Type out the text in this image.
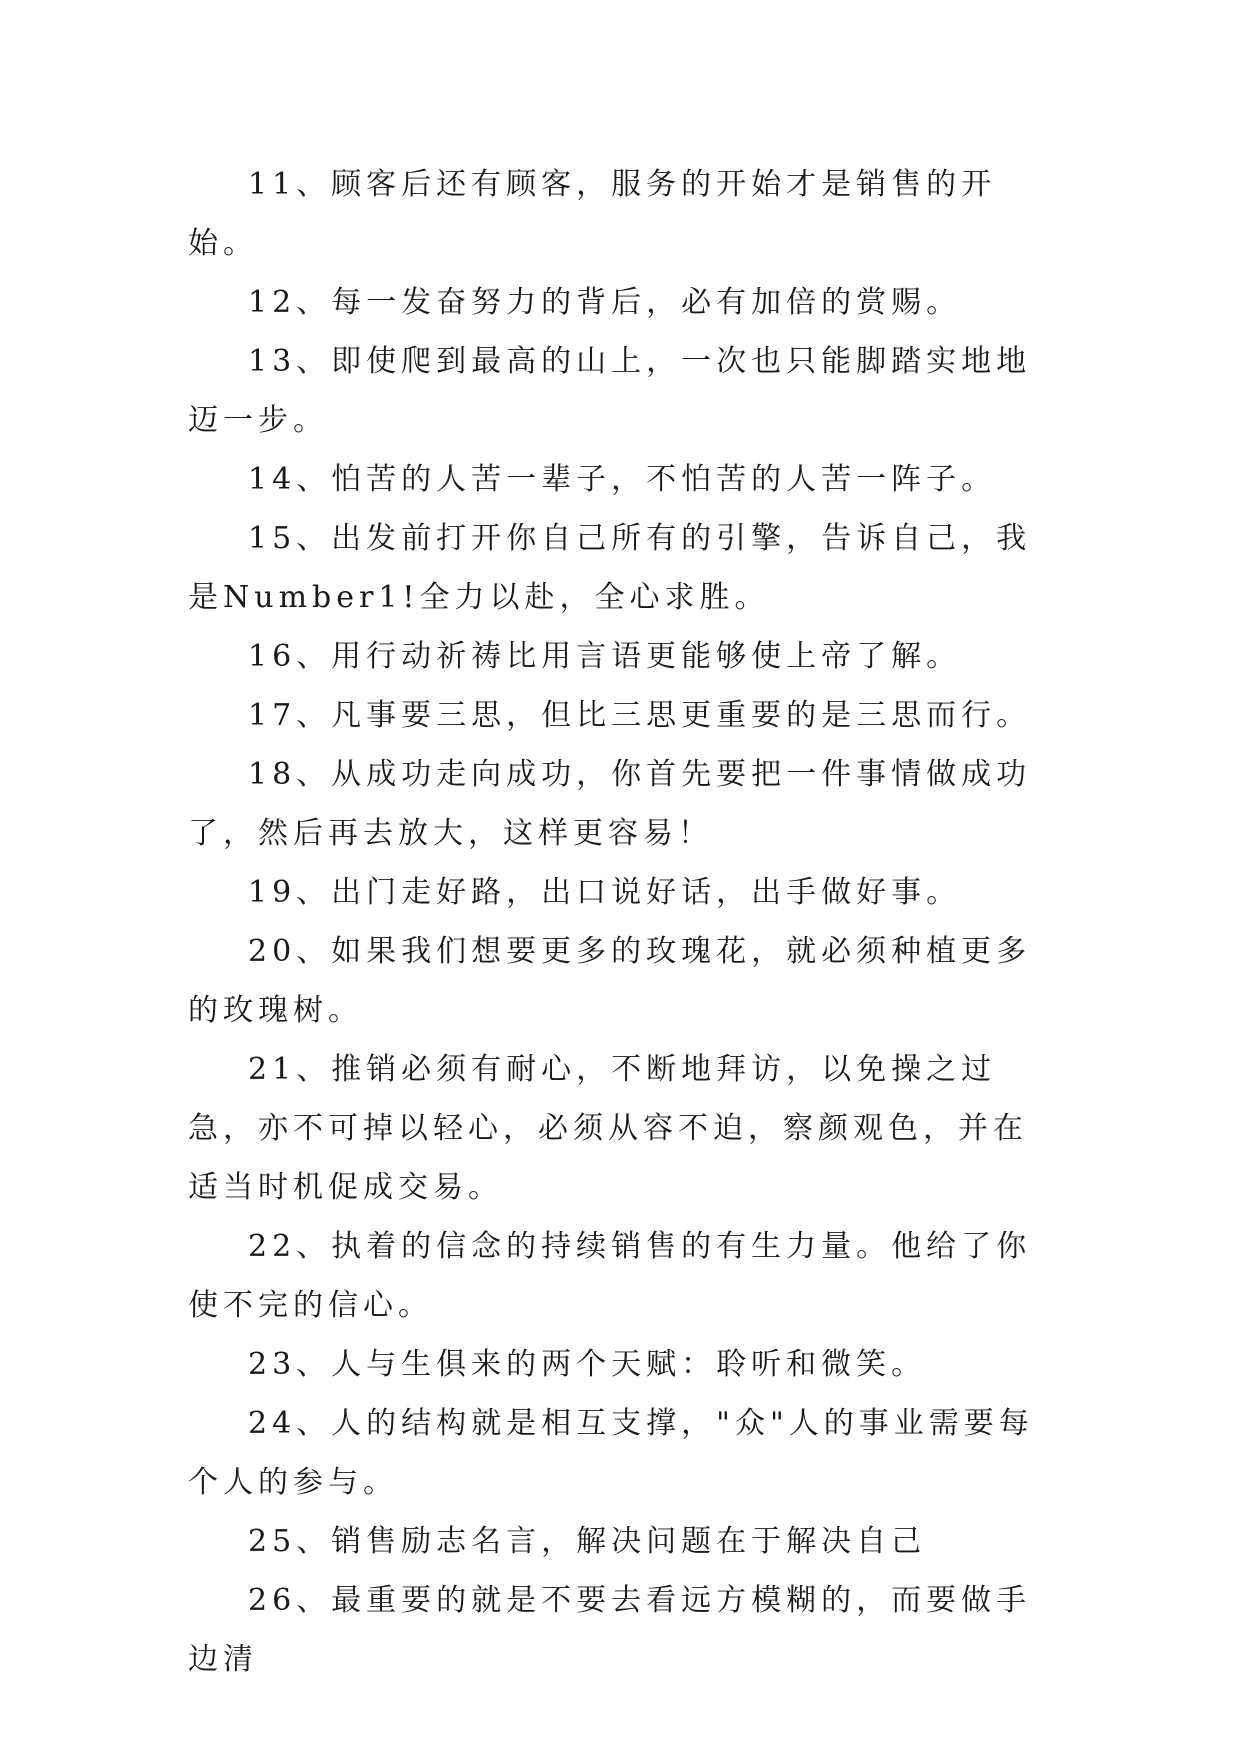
11、顾客后还有顾客，服务的开始才是销售的开始。

12、每一发奋努力的背后，必有加倍的赏赐。

13、即使爬到最高的山上，一次也只能脚踏实地地迈一步。

14、怕苦的人苦一辈子，不怕苦的人苦一阵子。

15、出发前打开你自己所有的引擎，告诉自己，我是Number1!全力以赴，全心求胜。

16、用行动祈祷比用言语更能够使上帝了解。

17、凡事要三思，但比三思更重要的是三思而行。

18、从成功走向成功，你首先要把一件事情做成功了，然后再去放大，这样更容易！

19、出门走好路，出口说好话，出手做好事。

20、如果我们想要更多的玫瑰花，就必须种植更多的玫瑰树。

21、推销必须有耐心，不断地拜访，以免操之过急，亦不可掉以轻心，必须从容不迫，察颜观色，并在适当时机促成交易。

22、执着的信念的持续销售的有生力量。他给了你使不完的信心。

23、人与生俱来的两个天赋：聆听和微笑。

24、人的结构就是相互支撑，"众"人的事业需要每个人的参与。

25、销售励志名言，解决问题在于解决自己

26、最重要的就是不要去看远方模糊的，而要做手边清
